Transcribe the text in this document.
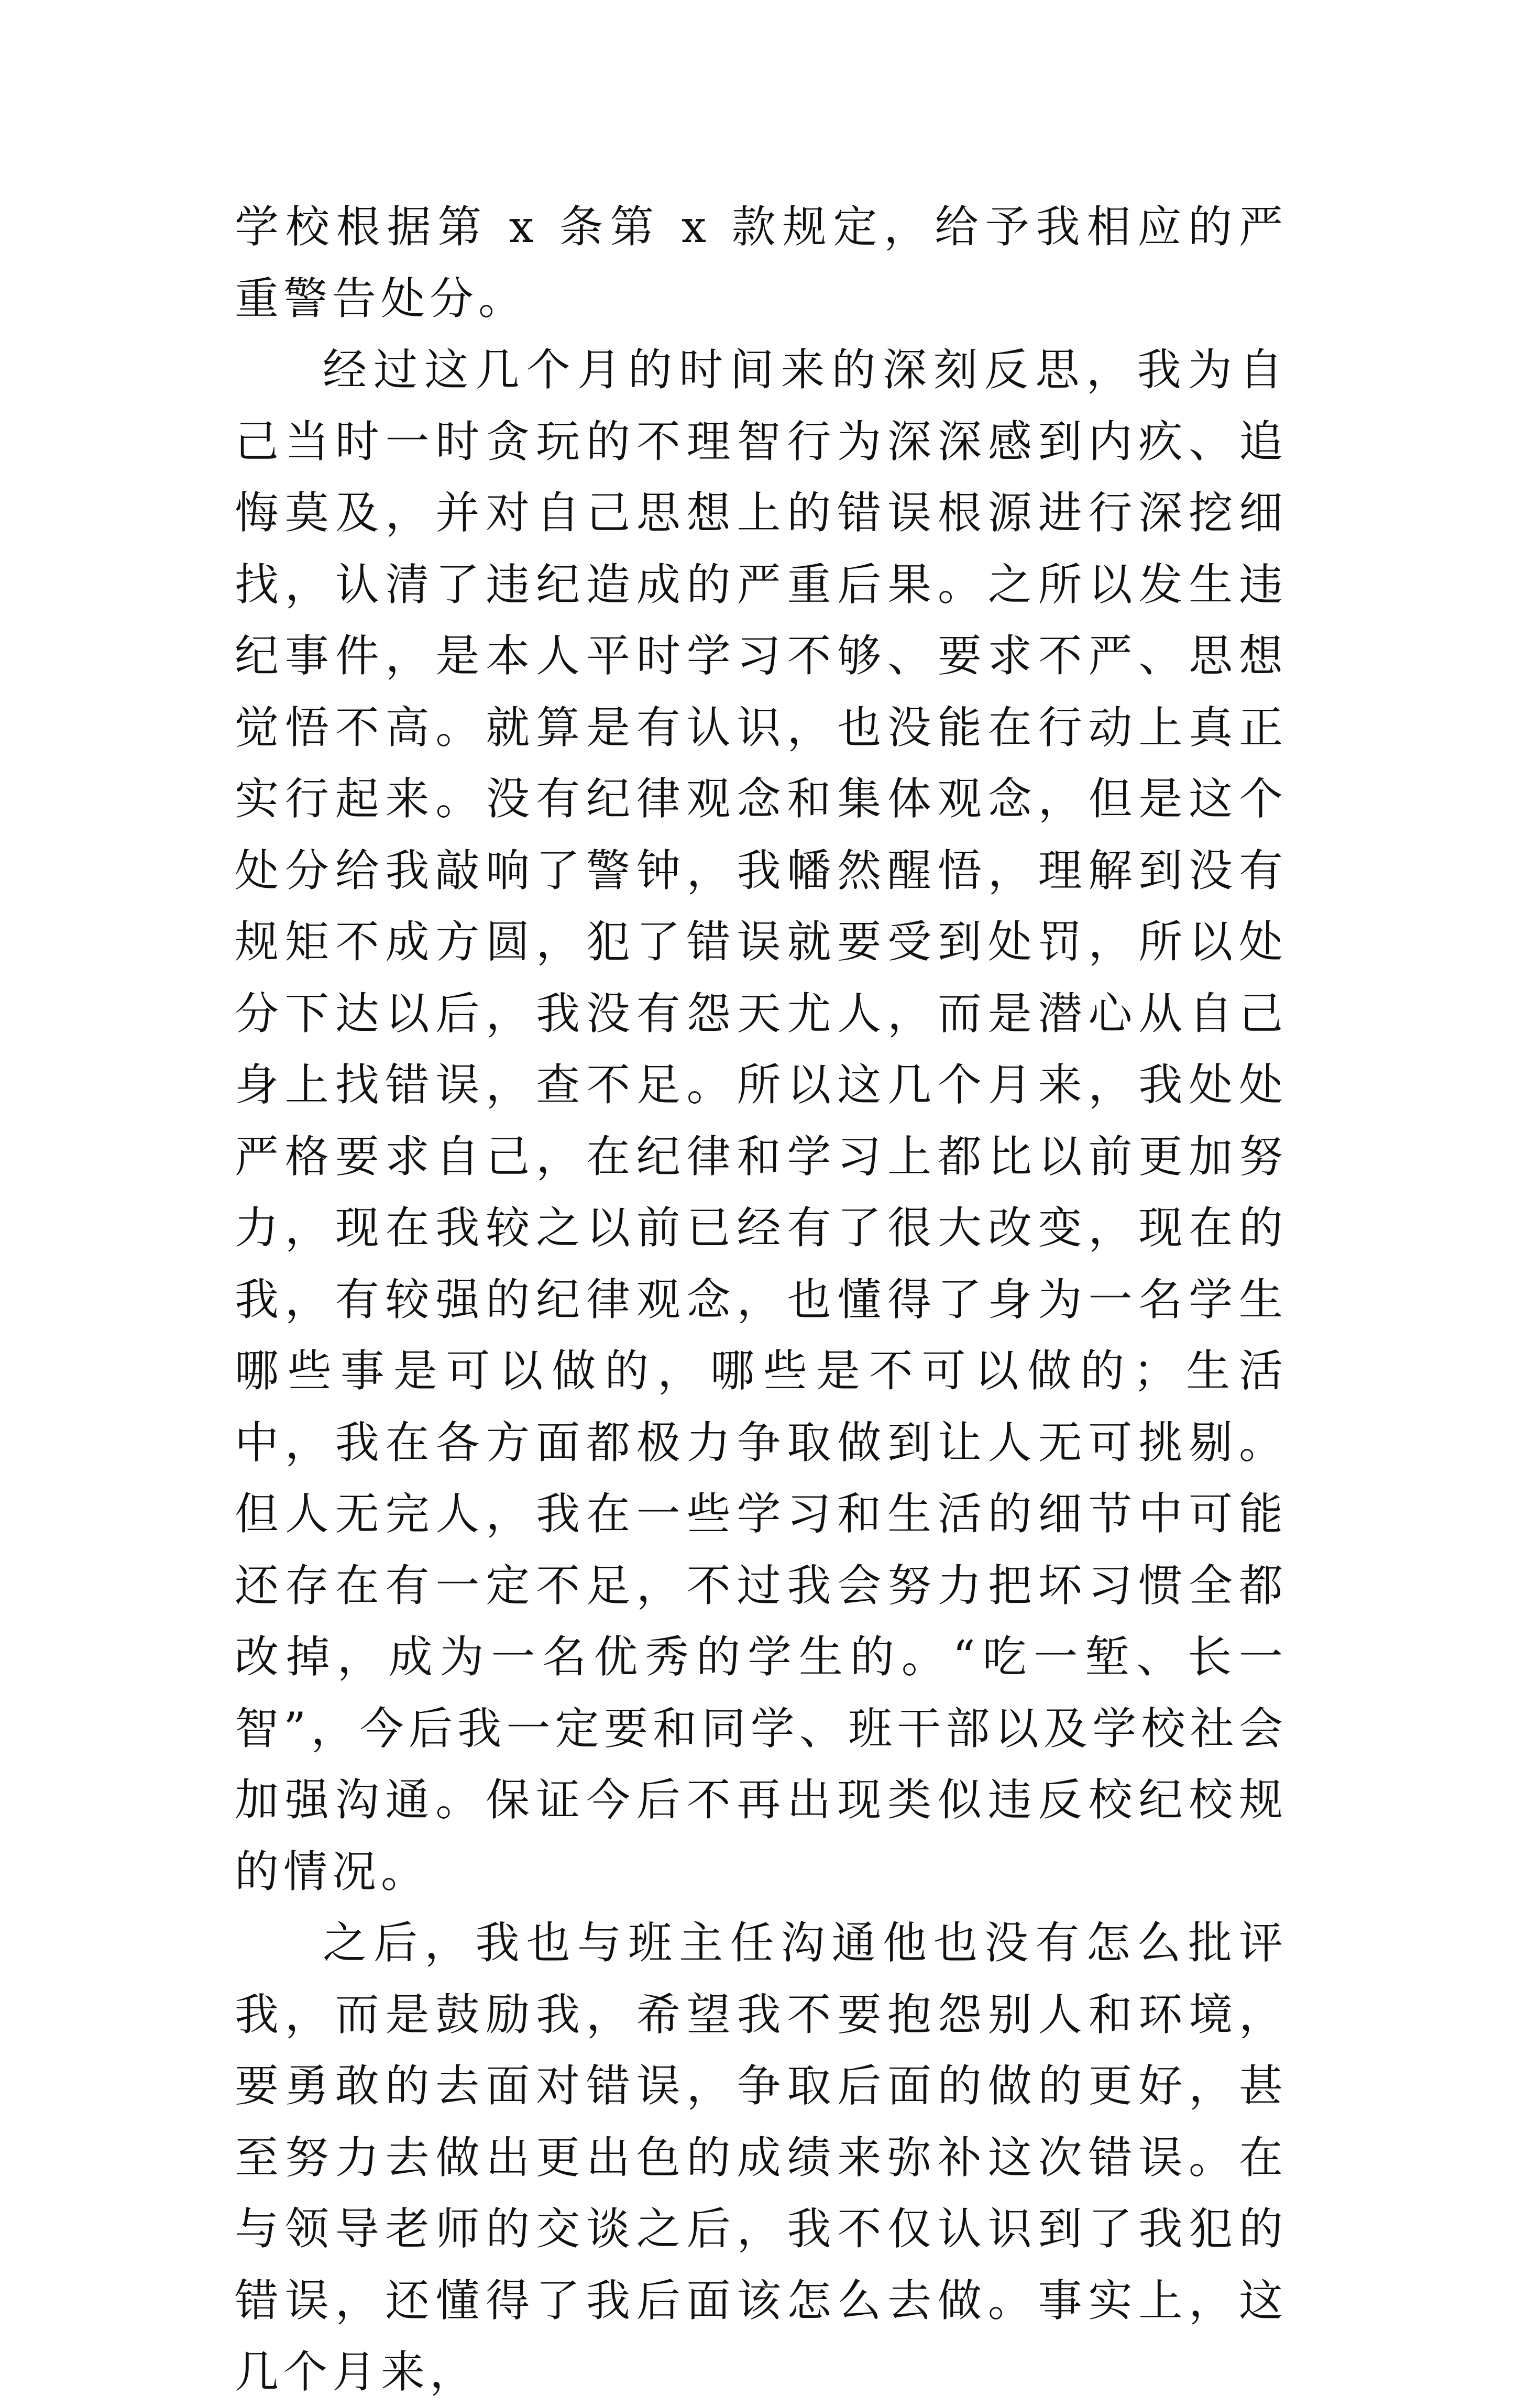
学校根据第 x 条第 x 款规定，给予我相应的严重警告处分。

经过这几个月的时间来的深刻反思，我为自己当时一时贪玩的不理智行为深深感到内疚、追悔莫及，并对自己思想上的错误根源进行深挖细找，认清了违纪造成的严重后果。之所以发生违纪事件，是本人平时学习不够、要求不严、思想觉悟不高。就算是有认识，也没能在行动上真正实行起来。没有纪律观念和集体观念，但是这个处分给我敲响了警钟，我幡然醒悟，理解到没有规矩不成方圆，犯了错误就要受到处罚，所以处分下达以后，我没有怨天尤人，而是潜心从自己身上找错误，查不足。所以这几个月来，我处处严格要求自己，在纪律和学习上都比以前更加努力，现在我较之以前已经有了很大改变，现在的我，有较强的纪律观念，也懂得了身为一名学生哪些事是可以做的，哪些是不可以做的；生活中，我在各方面都极力争取做到让人无可挑剔。但人无完人，我在一些学习和生活的细节中可能还存在有一定不足，不过我会努力把坏习惯全都改掉，成为一名优秀的学生的。“吃一堑、长一智”，今后我一定要和同学、班干部以及学校社会加强沟通。保证今后不再出现类似违反校纪校规的情况。

之后，我也与班主任沟通他也没有怎么批评我，而是鼓励我，希望我不要抱怨别人和环境，要勇敢的去面对错误，争取后面的做的更好，甚至努力去做出更出色的成绩来弥补这次错误。在与领导老师的交谈之后，我不仅认识到了我犯的错误，还懂得了我后面该怎么去做。事实上，这几个月来，
